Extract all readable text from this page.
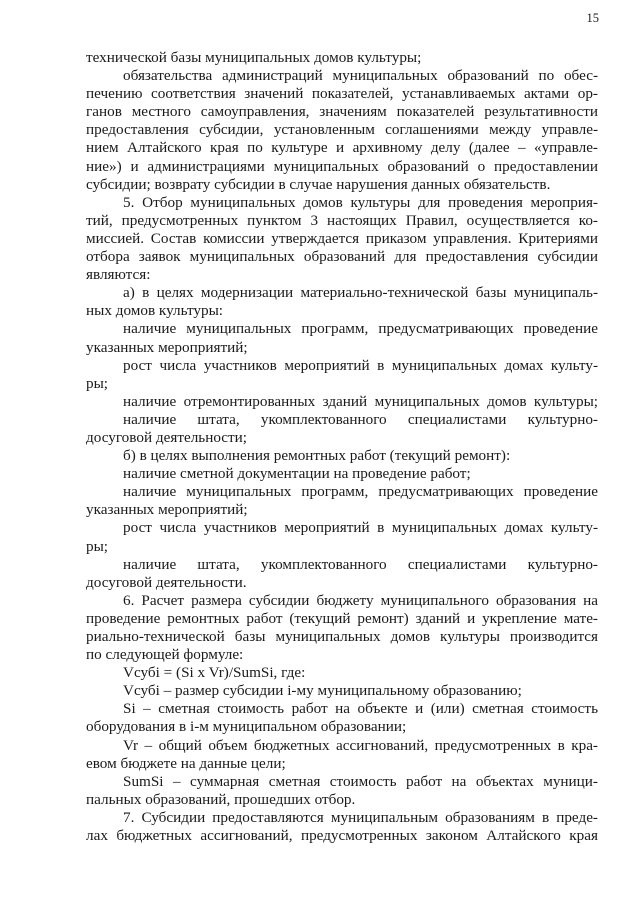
15
технической базы муниципальных домов культуры;
обязательства администраций муниципальных образований по обес-
печению соответствия значений показателей, устанавливаемых актами ор-
ганов местного самоуправления, значениям показателей результативности
предоставления субсидии, установленным соглашениями между управле-
нием Алтайского края по культуре и архивному делу (далее – «управле-
ние») и администрациями муниципальных образований о предоставлении
субсидии; возврату субсидии в случае нарушения данных обязательств.
5. Отбор муниципальных домов культуры для проведения мероприя-
тий, предусмотренных пунктом 3 настоящих Правил, осуществляется ко-
миссией. Состав комиссии утверждается приказом управления. Критериями
отбора заявок муниципальных образований для предоставления субсидии
являются:
а) в целях модернизации материально-технической базы муниципаль-
ных домов культуры:
наличие муниципальных программ, предусматривающих проведение
указанных мероприятий;
рост числа участников мероприятий в муниципальных домах культу-
ры;
наличие отремонтированных зданий муниципальных домов культуры;
наличие штата, укомплектованного специалистами культурно-
досуговой деятельности;
б) в целях выполнения ремонтных работ (текущий ремонт):
наличие сметной документации на проведение работ;
наличие муниципальных программ, предусматривающих проведение
указанных мероприятий;
рост числа участников мероприятий в муниципальных домах культу-
ры;
наличие штата, укомплектованного специалистами культурно-
досуговой деятельности.
6. Расчет размера субсидии бюджету муниципального образования на
проведение ремонтных работ (текущий ремонт) зданий и укрепление мате-
риально-технической базы муниципальных домов культуры производится
по следующей формуле:
Vсубi = (Si x Vr)/SumSi, где:
Vсубi – размер субсидии i-му муниципальному образованию;
Si – сметная стоимость работ на объекте и (или) сметная стоимость
оборудования в i-м муниципальном образовании;
Vr – общий объем бюджетных ассигнований, предусмотренных в кра-
евом бюджете на данные цели;
SumSi – суммарная сметная стоимость работ на объектах муници-
пальных образований, прошедших отбор.
7. Субсидии предоставляются муниципальным образованиям в преде-
лах бюджетных ассигнований, предусмотренных законом Алтайского края
